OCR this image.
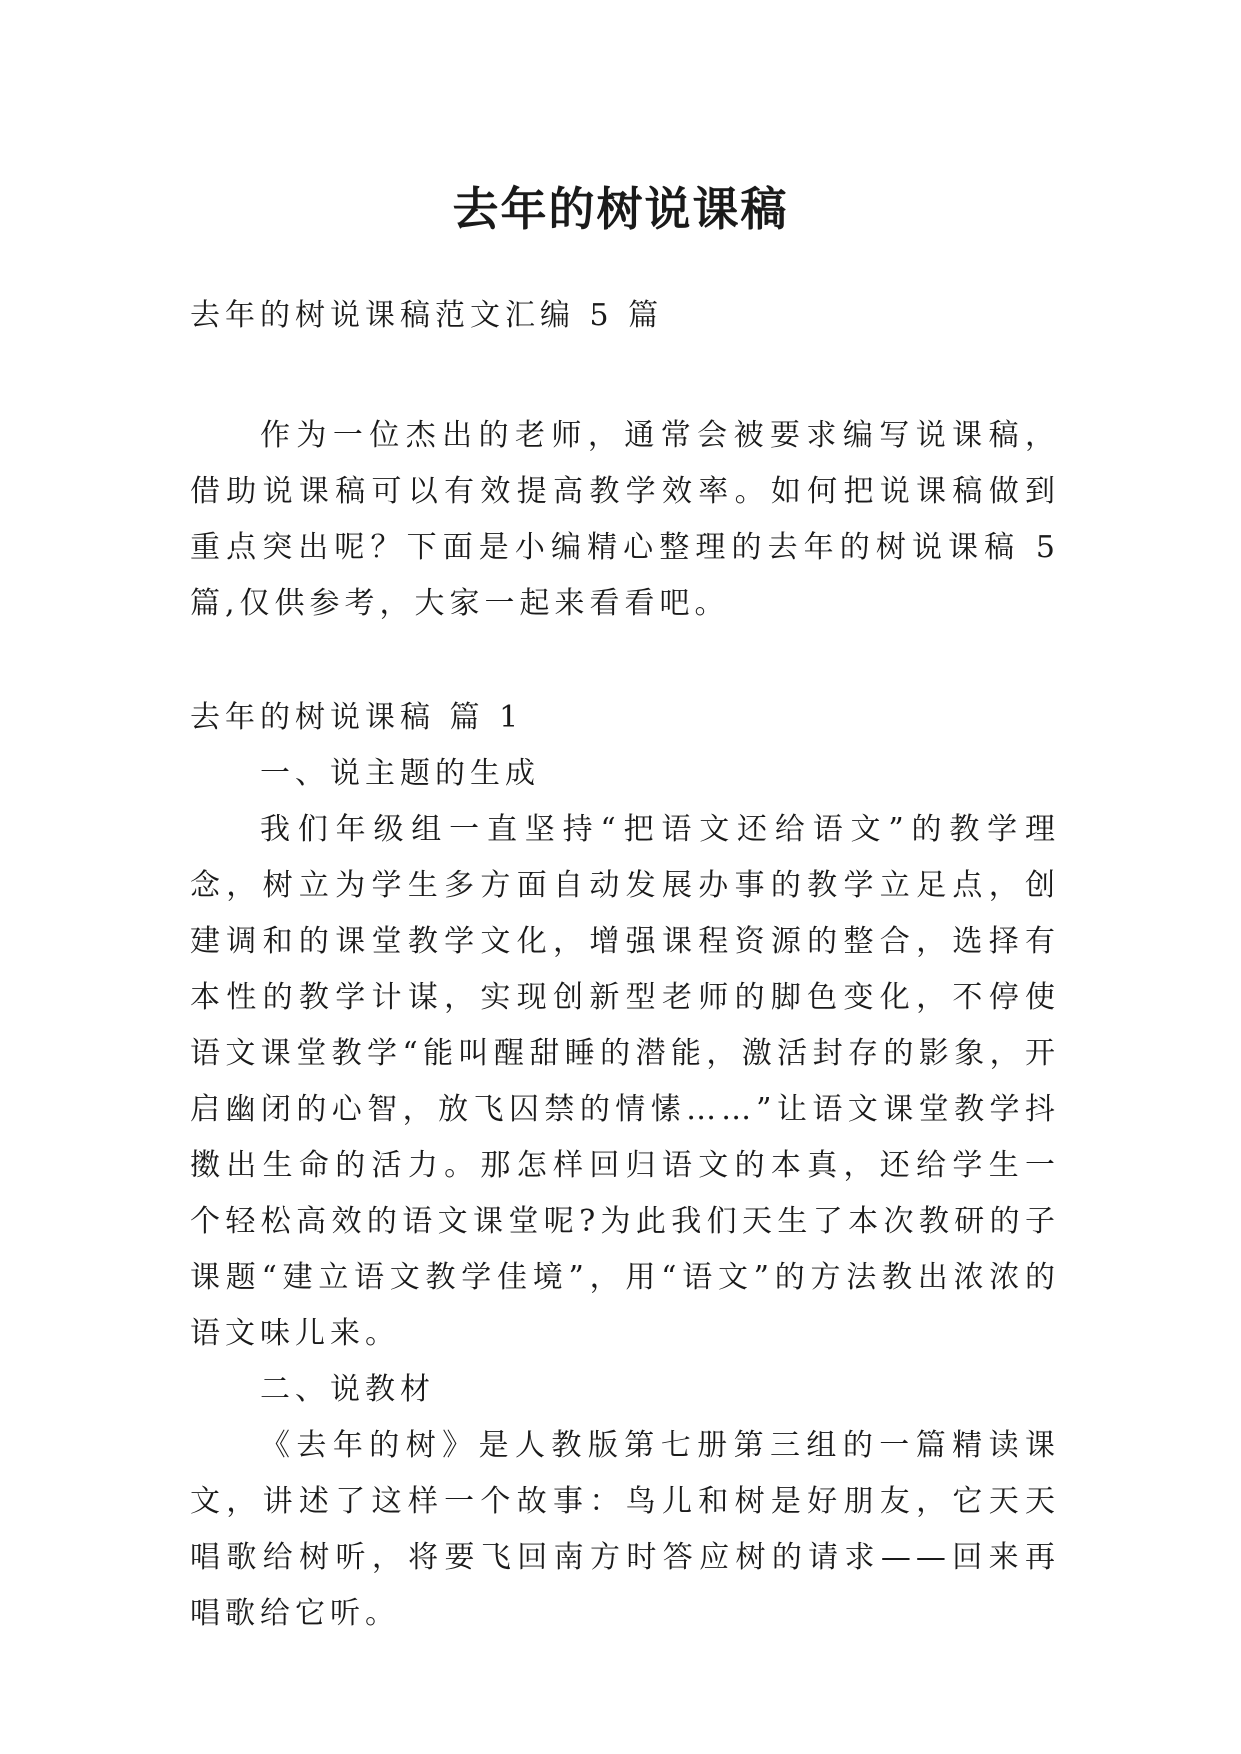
去年的树说课稿

去年的树说课稿范文汇编 5 篇

作为一位杰出的老师，通常会被要求编写说课稿，借助说课稿可以有效提高教学效率。如何把说课稿做到重点突出呢？下面是小编精心整理的去年的树说课稿 5 篇,仅供参考，大家一起来看看吧。

去年的树说课稿 篇 1

一、说主题的生成

我们年级组一直坚持“把语文还给语文”的教学理念，树立为学生多方面自动发展办事的教学立足点，创建调和的课堂教学文化，增强课程资源的整合，选择有本性的教学计谋，实现创新型老师的脚色变化，不停使语文课堂教学“能叫醒甜睡的潜能，激活封存的影象，开启幽闭的心智，放飞囚禁的情愫……”让语文课堂教学抖擞出生命的活力。那怎样回归语文的本真，还给学生一个轻松高效的语文课堂呢?为此我们天生了本次教研的子课题“建立语文教学佳境”，用“语文”的方法教出浓浓的语文味儿来。

二、说教材

《去年的树》是人教版第七册第三组的一篇精读课文，讲述了这样一个故事：鸟儿和树是好朋友，它天天唱歌给树听，将要飞回南方时答应树的请求——回来再唱歌给它听。
